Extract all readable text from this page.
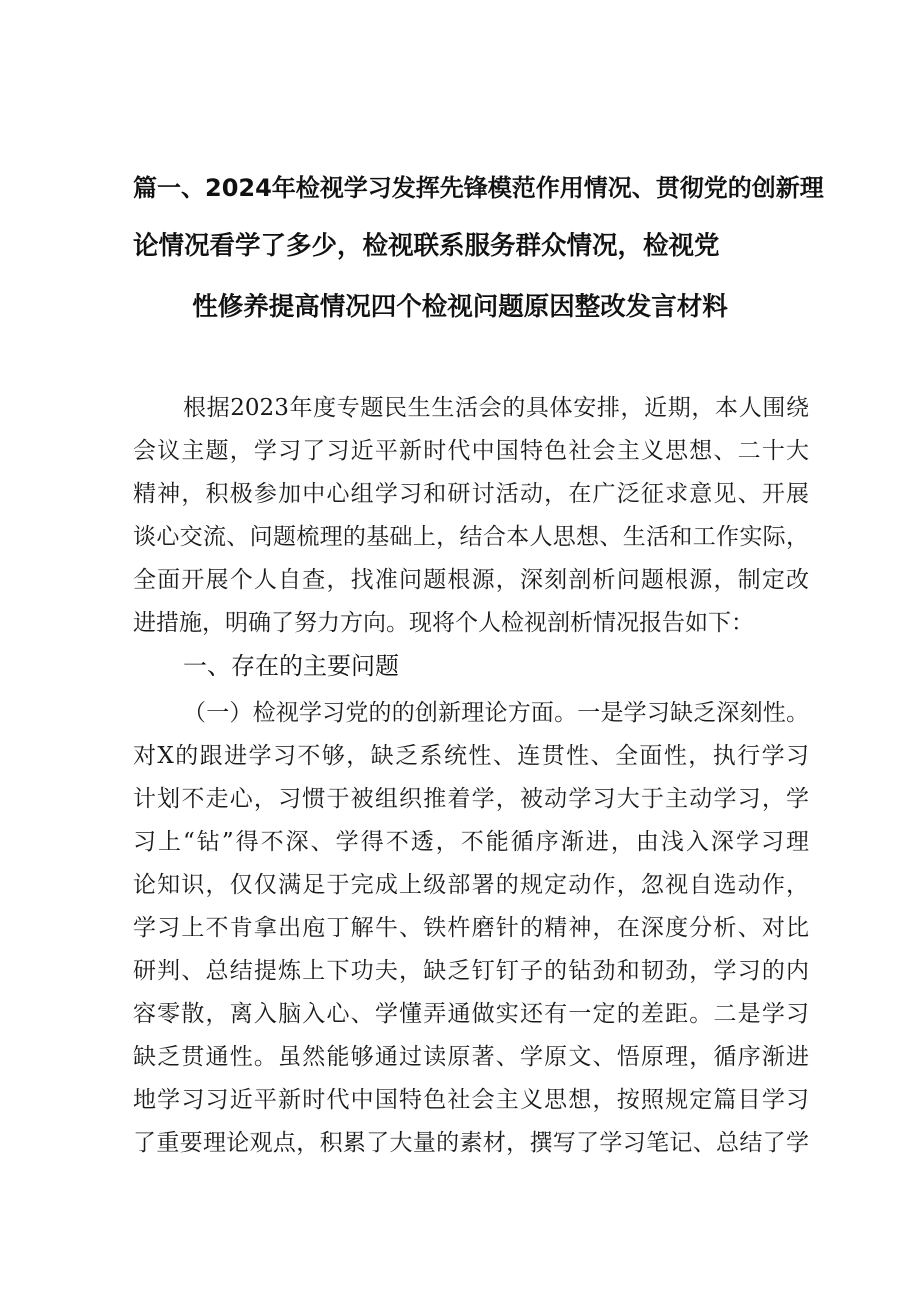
篇一、2024年检视学习发挥先锋模范作用情况、贯彻党的创新理
论情况看学了多少，检视联系服务群众情况，检视党
性修养提高情况四个检视问题原因整改发言材料
根据2023年度专题民生生活会的具体安排，近期，本人围绕
会议主题，学习了习近平新时代中国特色社会主义思想、二十大
精神，积极参加中心组学习和研讨活动，在广泛征求意见、开展
谈心交流、问题梳理的基础上，结合本人思想、生活和工作实际，
全面开展个人自查，找准问题根源，深刻剖析问题根源，制定改
进措施，明确了努力方向。现将个人检视剖析情况报告如下：
一、存在的主要问题
（一）检视学习党的的创新理论方面。一是学习缺乏深刻性。
对X的跟进学习不够，缺乏系统性、连贯性、全面性，执行学习
计划不走心，习惯于被组织推着学，被动学习大于主动学习，学
习上“钻”得不深、学得不透，不能循序渐进，由浅入深学习理
论知识，仅仅满足于完成上级部署的规定动作，忽视自选动作，
学习上不肯拿出庖丁解牛、铁杵磨针的精神，在深度分析、对比
研判、总结提炼上下功夫，缺乏钉钉子的钻劲和韧劲，学习的内
容零散，离入脑入心、学懂弄通做实还有一定的差距。二是学习
缺乏贯通性。虽然能够通过读原著、学原文、悟原理，循序渐进
地学习习近平新时代中国特色社会主义思想，按照规定篇目学习
了重要理论观点，积累了大量的素材，撰写了学习笔记、总结了学
